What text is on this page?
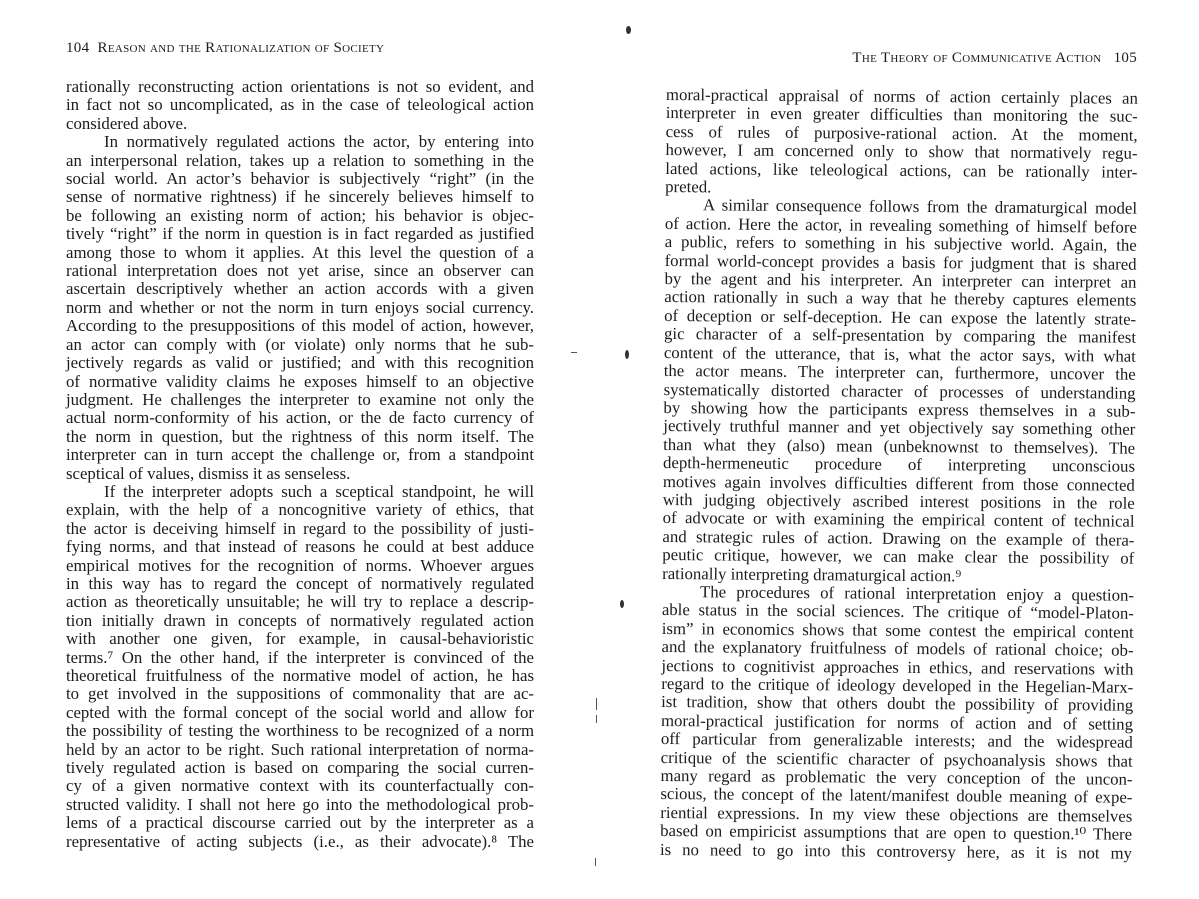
104 Reason and the Rationalization of Society
rationally reconstructing action orientations is not so evident, and
in fact not so uncomplicated, as in the case of teleological action
considered above.
In normatively regulated actions the actor, by entering into
an interpersonal relation, takes up a relation to something in the
social world. An actor’s behavior is subjectively “right” (in the
sense of normative rightness) if he sincerely believes himself to
be following an existing norm of action; his behavior is objec-
tively “right” if the norm in question is in fact regarded as justified
among those to whom it applies. At this level the question of a
rational interpretation does not yet arise, since an observer can
ascertain descriptively whether an action accords with a given
norm and whether or not the norm in turn enjoys social currency.
According to the presuppositions of this model of action, however,
an actor can comply with (or violate) only norms that he sub-
jectively regards as valid or justified; and with this recognition
of normative validity claims he exposes himself to an objective
judgment. He challenges the interpreter to examine not only the
actual norm-conformity of his action, or the de facto currency of
the norm in question, but the rightness of this norm itself. The
interpreter can in turn accept the challenge or, from a standpoint
sceptical of values, dismiss it as senseless.
If the interpreter adopts such a sceptical standpoint, he will
explain, with the help of a noncognitive variety of ethics, that
the actor is deceiving himself in regard to the possibility of justi-
fying norms, and that instead of reasons he could at best adduce
empirical motives for the recognition of norms. Whoever argues
in this way has to regard the concept of normatively regulated
action as theoretically unsuitable; he will try to replace a descrip-
tion initially drawn in concepts of normatively regulated action
with another one given, for example, in causal-behavioristic
terms.⁷ On the other hand, if the interpreter is convinced of the
theoretical fruitfulness of the normative model of action, he has
to get involved in the suppositions of commonality that are ac-
cepted with the formal concept of the social world and allow for
the possibility of testing the worthiness to be recognized of a norm
held by an actor to be right. Such rational interpretation of norma-
tively regulated action is based on comparing the social curren-
cy of a given normative context with its counterfactually con-
structed validity. I shall not here go into the methodological prob-
lems of a practical discourse carried out by the interpreter as a
representative of acting subjects (i.e., as their advocate).⁸ The
The Theory of Communicative Action 105
moral-practical appraisal of norms of action certainly places an
interpreter in even greater difficulties than monitoring the suc-
cess of rules of purposive-rational action. At the moment,
however, I am concerned only to show that normatively regu-
lated actions, like teleological actions, can be rationally inter-
preted.
A similar consequence follows from the dramaturgical model
of action. Here the actor, in revealing something of himself before
a public, refers to something in his subjective world. Again, the
formal world-concept provides a basis for judgment that is shared
by the agent and his interpreter. An interpreter can interpret an
action rationally in such a way that he thereby captures elements
of deception or self-deception. He can expose the latently strate-
gic character of a self-presentation by comparing the manifest
content of the utterance, that is, what the actor says, with what
the actor means. The interpreter can, furthermore, uncover the
systematically distorted character of processes of understanding
by showing how the participants express themselves in a sub-
jectively truthful manner and yet objectively say something other
than what they (also) mean (unbeknownst to themselves). The
depth-hermeneutic procedure of interpreting unconscious
motives again involves difficulties different from those connected
with judging objectively ascribed interest positions in the role
of advocate or with examining the empirical content of technical
and strategic rules of action. Drawing on the example of thera-
peutic critique, however, we can make clear the possibility of
rationally interpreting dramaturgical action.⁹
The procedures of rational interpretation enjoy a question-
able status in the social sciences. The critique of “model-Platon-
ism” in economics shows that some contest the empirical content
and the explanatory fruitfulness of models of rational choice; ob-
jections to cognitivist approaches in ethics, and reservations with
regard to the critique of ideology developed in the Hegelian-Marx-
ist tradition, show that others doubt the possibility of providing
moral-practical justification for norms of action and of setting
off particular from generalizable interests; and the widespread
critique of the scientific character of psychoanalysis shows that
many regard as problematic the very conception of the uncon-
scious, the concept of the latent/manifest double meaning of expe-
riential expressions. In my view these objections are themselves
based on empiricist assumptions that are open to question.¹⁰ There
is no need to go into this controversy here, as it is not my
